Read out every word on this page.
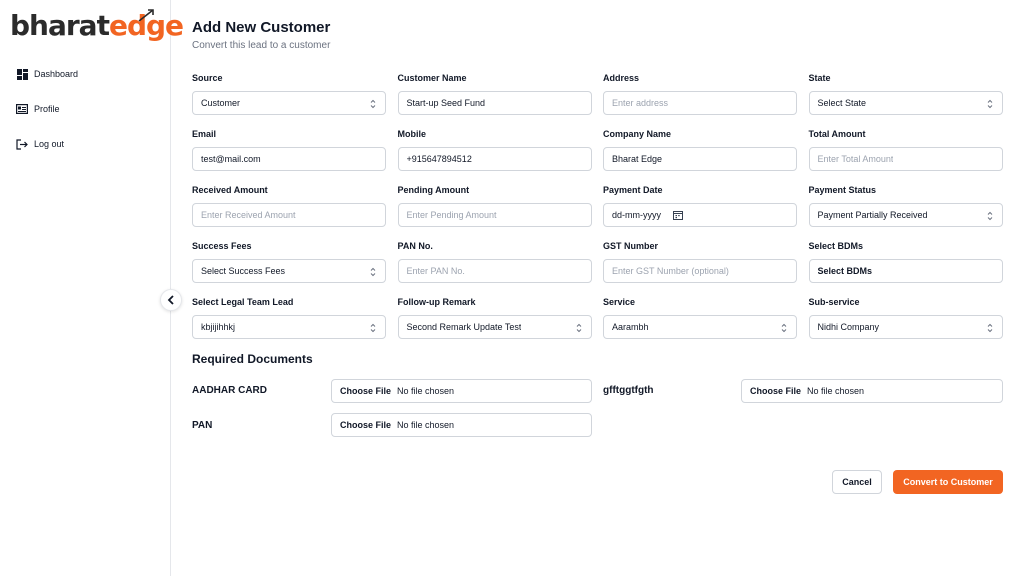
bharatedge
Dashboard
Profile
Log out
Add New Customer
Convert this lead to a customer
Source
Customer
Customer Name
Start-up Seed Fund
Address
Enter address
State
Select State
Email
test@mail.com
Mobile
+915647894512
Company Name
Bharat Edge
Total Amount
Enter Total Amount
Received Amount
Enter Received Amount
Pending Amount
Enter Pending Amount
Payment Date
dd-mm-yyyy
Payment Status
Payment Partially Received
Success Fees
Select Success Fees
PAN No.
Enter PAN No.
GST Number
Enter GST Number (optional)
Select BDMs
Select BDMs
Select Legal Team Lead
kbjijihhkj
Follow-up Remark
Second Remark Update Test
Service
Aarambh
Sub-service
Nidhi Company
Required Documents
AADHAR CARD	Choose File No file chosen	gfftggtfgth	Choose File No file chosen
PAN	Choose File No file chosen
Cancel	Convert to Customer
